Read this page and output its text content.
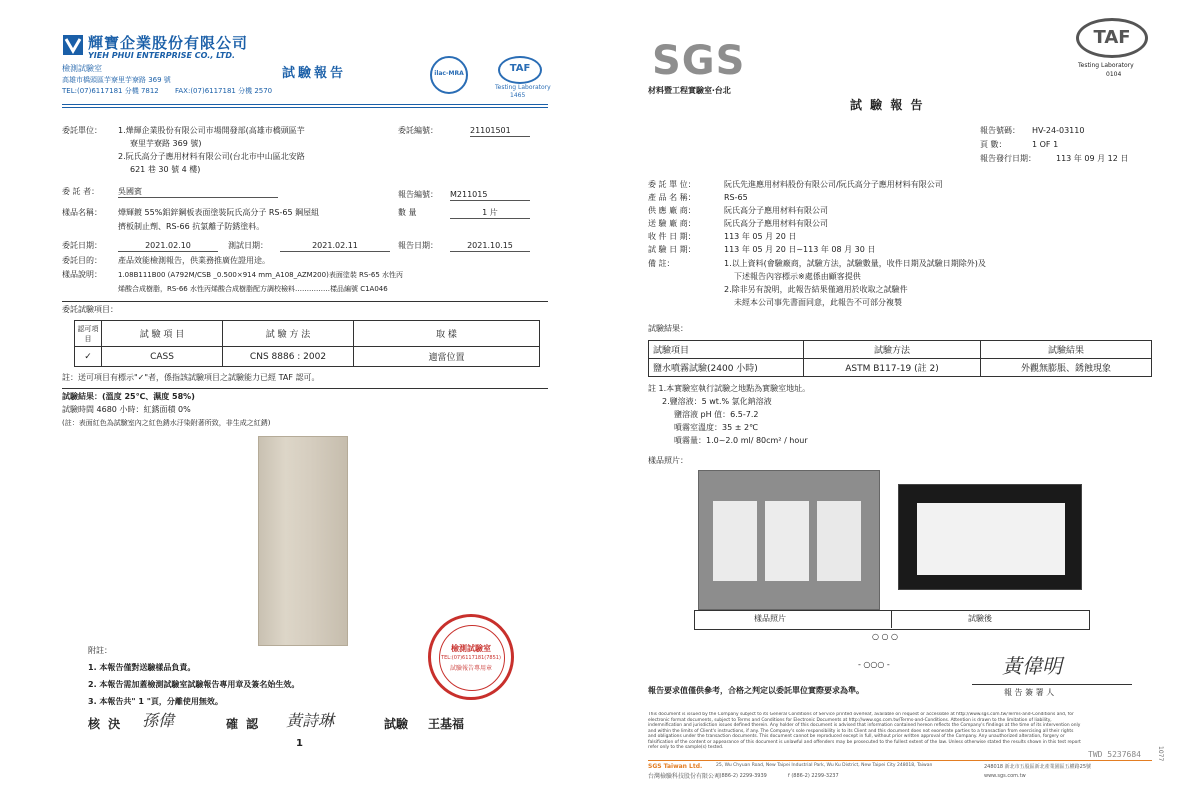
輝寶企業股份有限公司
YIEH PHUI ENTERPRISE CO., LTD.
檢測試驗室
高雄市橋頭區芋寮里芋寮路 369 號
TEL:(07)6117181 分機 7812 FAX:(07)6117181 分機 2570
試驗報告	ilac-MRA	TAF
Testing Laboratory
1465
委託單位： 1.燁輝企業股份有限公司市場開發部(高雄市橋頭區芋
寮里芋寮路 369 號)
2.阮氏高分子應用材料有限公司(台北市中山區北安路
621 巷 30 號 4 樓)
委託編號：	21101501
委 託 者： 吳國賓	報告編號： M211015
樣品名稱： 燁輝鍍 55%鋁鋅鋼板表面塗裝阮氏高分子 RS-65 鋼屋組
擠板制止劑、RS-66 抗氯離子防銹塗料。
數 量	1 片
委託日期：	2021.02.10	測試日期：	2021.02.11	報告日期：	2021.10.15
委託目的： 產品效能檢測報告，供業務推廣佐證用途。
樣品說明： 1.08B111B00 (A792M/CSB _0.500×914 mm_A108_AZM200)表面塗裝 RS-65 水性丙
烯酸合成樹脂，RS-66 水性丙烯酸合成樹脂配方調校檢料……………樣品編號 C1A046
委託試驗項目：
認可項目	試 驗 項 目	試 驗 方 法	取 樣
✓	CASS	CNS 8886 : 2002	適當位置
註：送可項目有標示"✓"者，係指該試驗項目之試驗能力已經 TAF 認可。
試驗結果：(溫度 25℃、濕度 58%)
試驗時間 4680 小時：紅銹面積 0%
(註：表面紅色為試驗室內之紅色銹水汙染附著所致，非生成之紅銹)
檢測試驗室
TEL:(07)6117181(7851)
試驗報告專用章
附註：
1. 本報告僅對送驗樣品負責。
2. 本報告需加蓋檢測試驗室試驗報告專用章及簽名始生效。
3. 本報告共" 1 "頁，分離使用無效。
核 決 孫偉	確 認 黃詩琳	試驗 王基福
1
SGS
材料暨工程實驗室‧台北
TAF
Testing Laboratory
0104
試 驗 報 告
報告號碼： HV-24-03110
頁 數：	1 OF 1
報告發行日期：	113 年 09 月 12 日
委 託 單 位：	阮氏先進應用材料股份有限公司/阮氏高分子應用材料有限公司
產 品 名 稱：	RS-65
供 應 廠 商：	阮氏高分子應用材料有限公司
送 驗 廠 商：	阮氏高分子應用材料有限公司
收 件 日 期：	113 年 05 月 20 日
試 驗 日 期：	113 年 05 月 20 日~113 年 08 月 30 日
備 註：	1.以上資料(會驗廠商，試驗方法，試驗數量，收件日期及試驗日期除外)及
下述報告內容標示※處係由顧客提供
2.除非另有說明，此報告結果僅適用於收取之試驗件
未經本公司事先書面同意，此報告不可部分複製
試驗結果：
試驗項目	試驗方法	試驗結果
鹽水噴霧試驗(2400 小時)	ASTM B117-19 (註 2)	外觀無膨脹、銹蝕現象
註 1.本實驗室執行試驗之地點為實驗室地址。
2.鹽溶液：5 wt.% 氯化鈉溶液
鹽溶液 pH 值：6.5-7.2
噴霧室溫度：35 ± 2℃
噴霧量：1.0~2.0 ml/ 80cm² / hour
樣品照片：
樣品照片	試驗後
○ ○ ○
- ○○○ -	黃偉明
報告要求值僅供參考，合格之判定以委託單位實際要求為準。	報 告 簽 署 人
This document is issued by the Company subject to its General Conditions of Service printed overleaf, available on request or accessible at http://www.sgs.com.tw/Terms-and-Conditions and, for
electronic format documents, subject to Terms and Conditions for Electronic Documents at http://www.sgs.com.tw/Terms-and-Conditions. Attention is drawn to the limitation of liability,
indemnification and jurisdiction issues defined therein. Any holder of this document is advised that information contained hereon reflects the Company's findings at the time of its intervention only
and within the limits of Client's instructions, if any. The Company's sole responsibility is to its Client and this document does not exonerate parties to a transaction from exercising all their rights
and obligations under the transaction documents. This document cannot be reproduced except in full, without prior written approval of the Company. Any unauthorized alteration, forgery or
falsification of the content or appearance of this document is unlawful and offenders may be prosecuted to the fullest extent of the law. Unless otherwise stated the results shown in this test report
refer only to the sample(s) tested.
SGS Taiwan Ltd.
台灣檢驗科技股份有限公司
25, Wu Chyuan Road, New Taipei Industrial Park, Wu Ku District, New Taipei City 248018, Taiwan
t (886-2) 2299-3939	f (886-2) 2299-3237
248018 新北市五股區新北產業園區五權路25號
www.sgs.com.tw
TWD 5237684	1077
